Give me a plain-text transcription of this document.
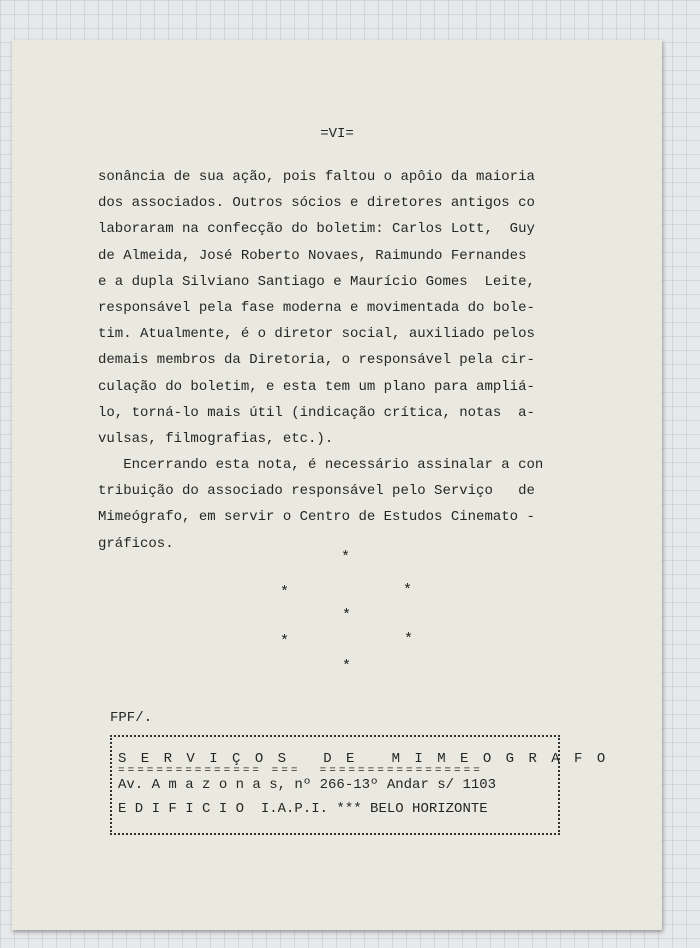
=VI=
sonância de sua ação, pois faltou o apôio da maioria
dos associados. Outros sócios e diretores antigos co
laboraram na confecção do boletim: Carlos Lott,  Guy
de Almeida, José Roberto Novaes, Raimundo Fernandes
e a dupla Silviano Santiago e Maurício Gomes  Leite,
responsável pela fase moderna e movimentada do bole-
tim. Atualmente, é o diretor social, auxiliado pelos
demais membros da Diretoria, o responsável pela cir-
culação do boletim, e esta tem um plano para ampliá-
lo, torná-lo mais útil (indicação crítica, notas  a-
vulsas, filmografias, etc.).
Encerrando esta nota, é necessário assinalar a con
tribuição do associado responsável pelo Serviço   de
Mimeógrafo, em servir o Centro de Estudos Cinemato -
gráficos.
*
*	*
*
*	*
*
FPF/.
S E R V I Ç O S   D E   M I M E O G R A F O
=============== ===  =================
Av. A m a z o n a s, nº 266-13º Andar s/ 1103
E D I F I C I O  I.A.P.I. *** BELO HORIZONTE
